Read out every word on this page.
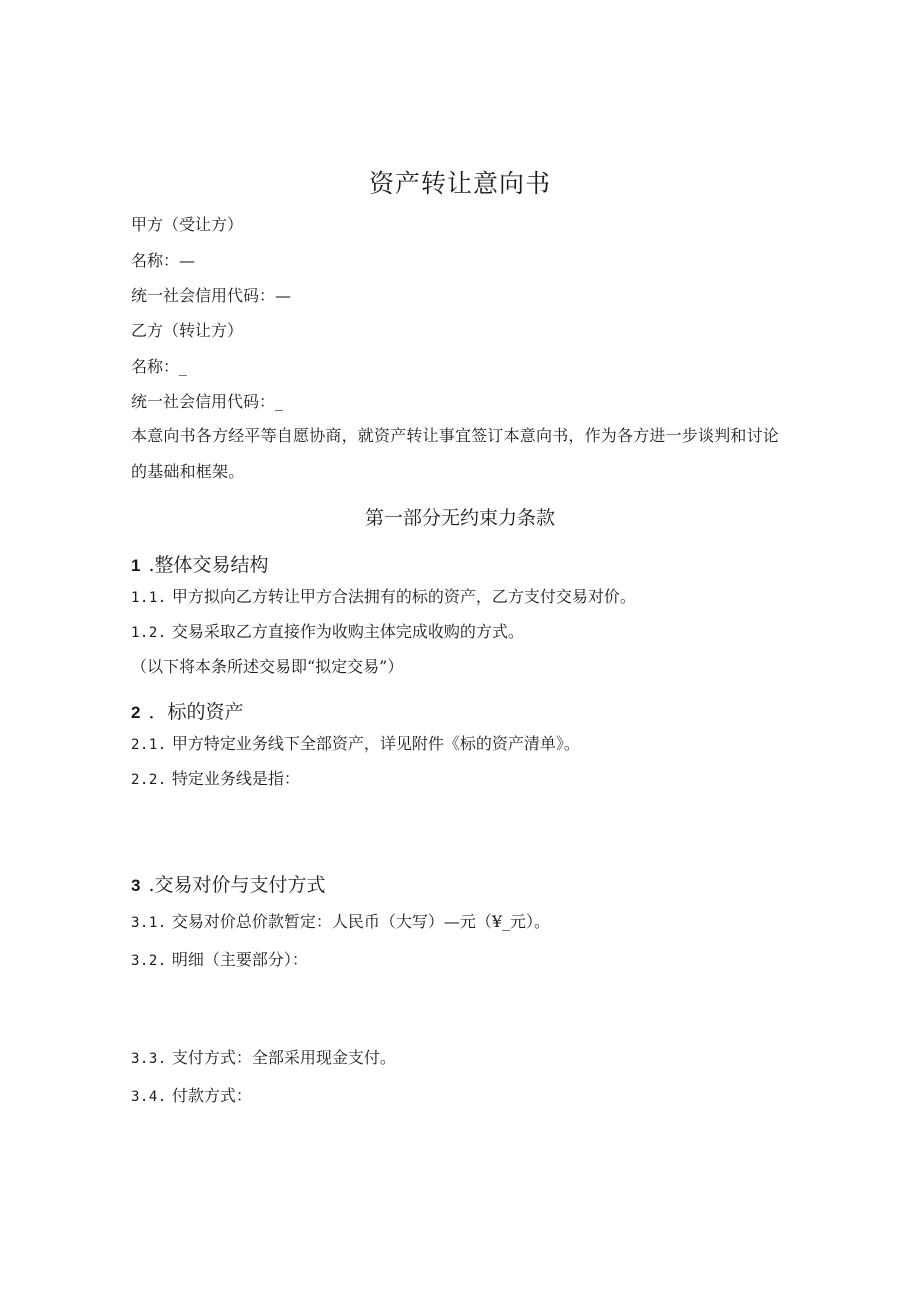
资产转让意向书
甲方（受让方）
名称：—
统一社会信用代码：—
乙方（转让方）
名称：_
统一社会信用代码：_
本意向书各方经平等自愿协商，就资产转让事宜签订本意向书，作为各方进一步谈判和讨论的基础和框架。
第一部分无约束力条款
1 .整体交易结构
1.1. 甲方拟向乙方转让甲方合法拥有的标的资产，乙方支付交易对价。
1.2. 交易采取乙方直接作为收购主体完成收购的方式。
（以下将本条所述交易即“拟定交易”）
2 ．标的资产
2.1. 甲方特定业务线下全部资产，详见附件《标的资产清单》。
2.2. 特定业务线是指：
3 .交易对价与支付方式
3.1. 交易对价总价款暂定：人民币（大写）—元（¥_元）。
3.2. 明细（主要部分）：
3.3. 支付方式：全部采用现金支付。
3.4. 付款方式：
